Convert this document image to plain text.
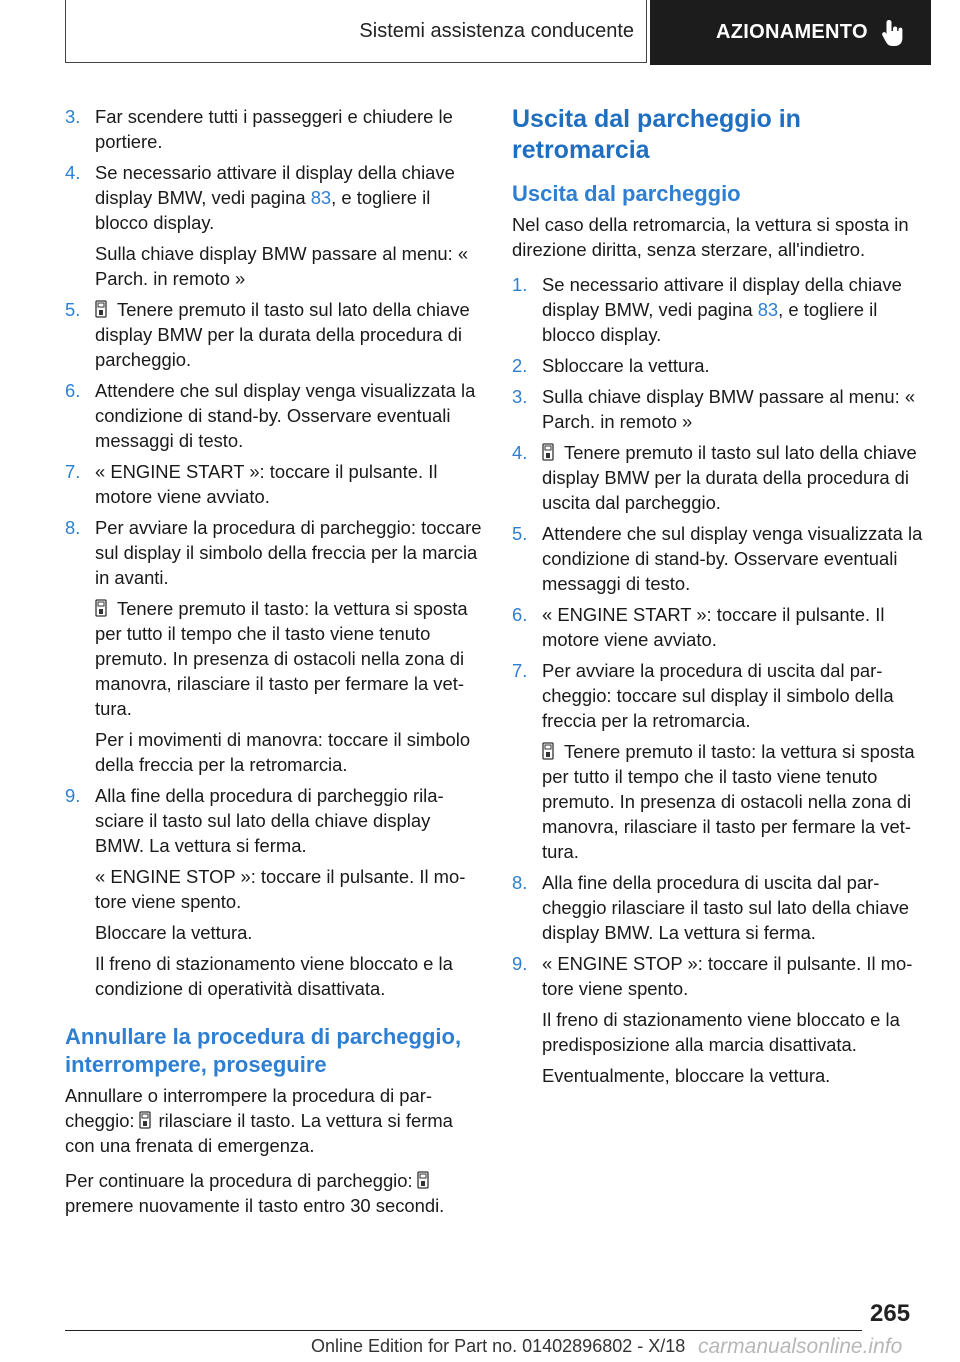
Sistemi assistenza conducente	AZIONAMENTO
3. Far scendere tutti i passeggeri e chiudere le portiere.

4. Se necessario attivare il display della chiave display BMW, vedi pagina 83, e togliere il blocco display.

Sulla chiave display BMW passare al menu: « Parch. in remoto »

5.	Tenere premuto il tasto sul lato della chiave display BMW per la durata della procedura di parcheggio.

6. Attendere che sul display venga visualizzata la condizione di stand-by. Osservare eventuali messaggi di testo.

7. « ENGINE START »: toccare il pulsante. Il motore viene avviato.

8. Per avviare la procedura di parcheggio: toccare sul display il simbolo della freccia per la marcia in avanti.

Tenere premuto il tasto: la vettura si sposta per tutto il tempo che il tasto viene tenuto premuto. In presenza di ostacoli nella zona di manovra, rilasciare il tasto per fermare la vettura.

Per i movimenti di manovra: toccare il simbolo della freccia per la retromarcia.

9. Alla fine della procedura di parcheggio rilasciare il tasto sul lato della chiave display BMW. La vettura si ferma.

« ENGINE STOP »: toccare il pulsante. Il motore viene spento.

Bloccare la vettura.

Il freno di stazionamento viene bloccato e la condizione di operatività disattivata.

Annullare la procedura di parcheggio, interrompere, proseguire

Annullare o interrompere la procedura di parcheggio: rilasciare il tasto. La vettura si ferma con una frenata di emergenza.

Per continuare la procedura di parcheggio:premere nuovamente il tasto entro 30 secondi.

Uscita dal parcheggio in retromarcia
Uscita dal parcheggio

Nel caso della retromarcia, la vettura si sposta in direzione diritta, senza sterzare, all'indietro.

1. Se necessario attivare il display della chiave display BMW, vedi pagina 83, e togliere il blocco display.

2. Sbloccare la vettura.

3. Sulla chiave display BMW passare al menu: « Parch. in remoto »

4.	Tenere premuto il tasto sul lato della chiave display BMW per la durata della procedura di uscita dal parcheggio.

5. Attendere che sul display venga visualizzata la condizione di stand-by. Osservare eventuali messaggi di testo.

6. « ENGINE START »: toccare il pulsante. Il motore viene avviato.

7. Per avviare la procedura di uscita dal parcheggio: toccare sul display il simbolo della freccia per la retromarcia.

Tenere premuto il tasto: la vettura si sposta per tutto il tempo che il tasto viene tenuto premuto. In presenza di ostacoli nella zona di manovra, rilasciare il tasto per fermare la vettura.

8. Alla fine della procedura di uscita dal parcheggio rilasciare il tasto sul lato della chiave display BMW. La vettura si ferma.

9. « ENGINE STOP »: toccare il pulsante. Il motore viene spento.

Il freno di stazionamento viene bloccato e la predisposizione alla marcia disattivata.

Eventualmente, bloccare la vettura.

265
Online Edition for Part no. 01402896802 - X/18 carmanualsonline.info
